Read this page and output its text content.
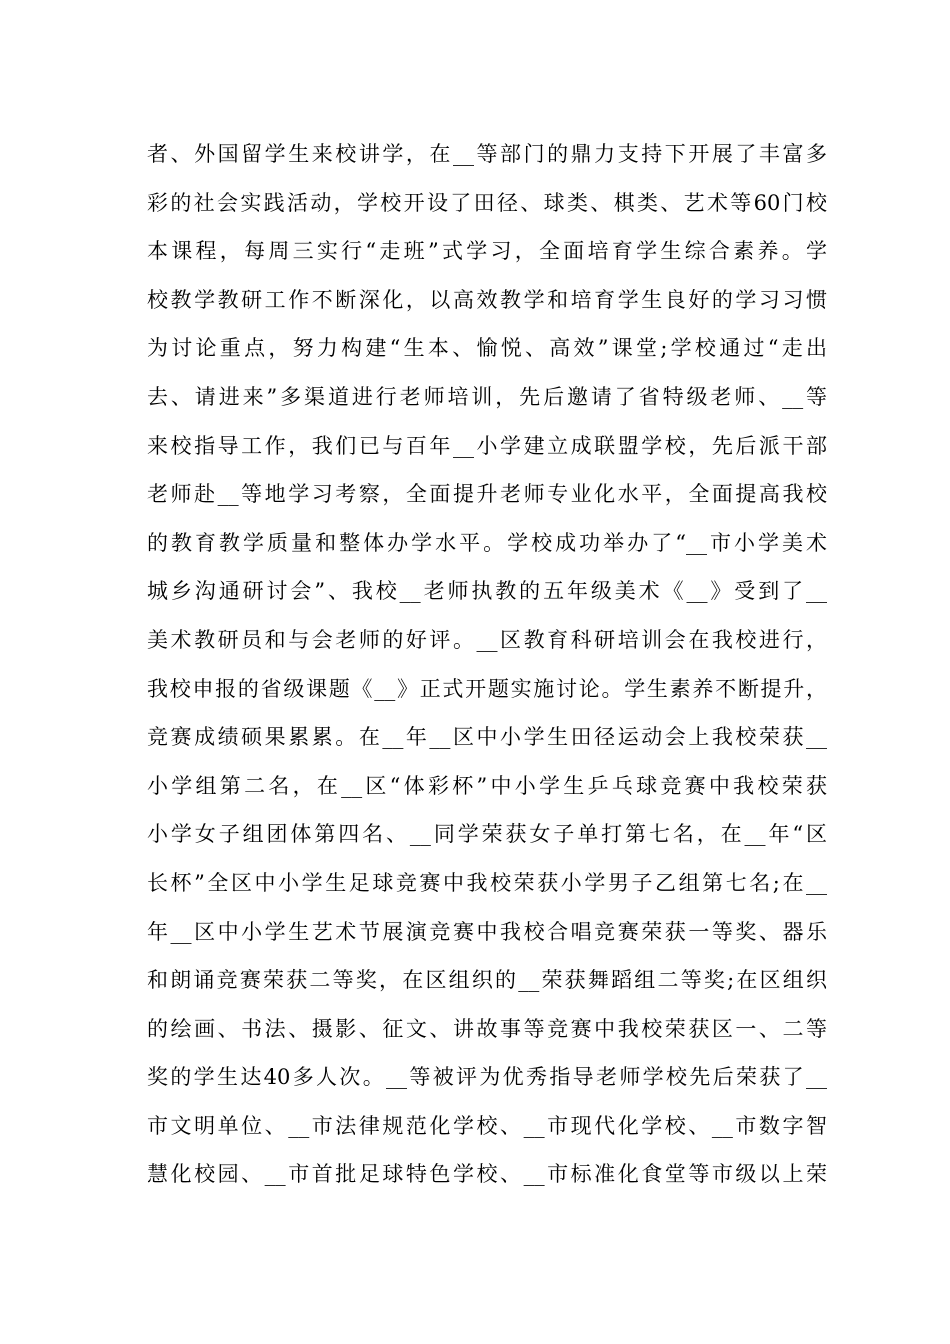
者、外国留学生来校讲学，在__等部门的鼎力支持下开展了丰富多
彩的社会实践活动，学校开设了田径、球类、棋类、艺术等60门校
本课程，每周三实行“走班”式学习，全面培育学生综合素养。学
校教学教研工作不断深化，以高效教学和培育学生良好的学习习惯
为讨论重点，努力构建“生本、愉悦、高效”课堂;学校通过“走出
去、请进来”多渠道进行老师培训，先后邀请了省特级老师、__等
来校指导工作，我们已与百年__小学建立成联盟学校，先后派干部
老师赴__等地学习考察，全面提升老师专业化水平，全面提高我校
的教育教学质量和整体办学水平。学校成功举办了“__市小学美术
城乡沟通研讨会”、我校__老师执教的五年级美术《__》受到了__
美术教研员和与会老师的好评。__区教育科研培训会在我校进行，
我校申报的省级课题《__》正式开题实施讨论。学生素养不断提升，
竞赛成绩硕果累累。在__年__区中小学生田径运动会上我校荣获__
小学组第二名，在__区“体彩杯”中小学生乒乓球竞赛中我校荣获
小学女子组团体第四名、__同学荣获女子单打第七名，在__年“区
长杯”全区中小学生足球竞赛中我校荣获小学男子乙组第七名;在__
年__区中小学生艺术节展演竞赛中我校合唱竞赛荣获一等奖、器乐
和朗诵竞赛荣获二等奖，在区组织的__荣获舞蹈组二等奖;在区组织
的绘画、书法、摄影、征文、讲故事等竞赛中我校荣获区一、二等
奖的学生达40多人次。__等被评为优秀指导老师学校先后荣获了__
市文明单位、__市法律规范化学校、__市现代化学校、__市数字智
慧化校园、__市首批足球特色学校、__市标准化食堂等市级以上荣
